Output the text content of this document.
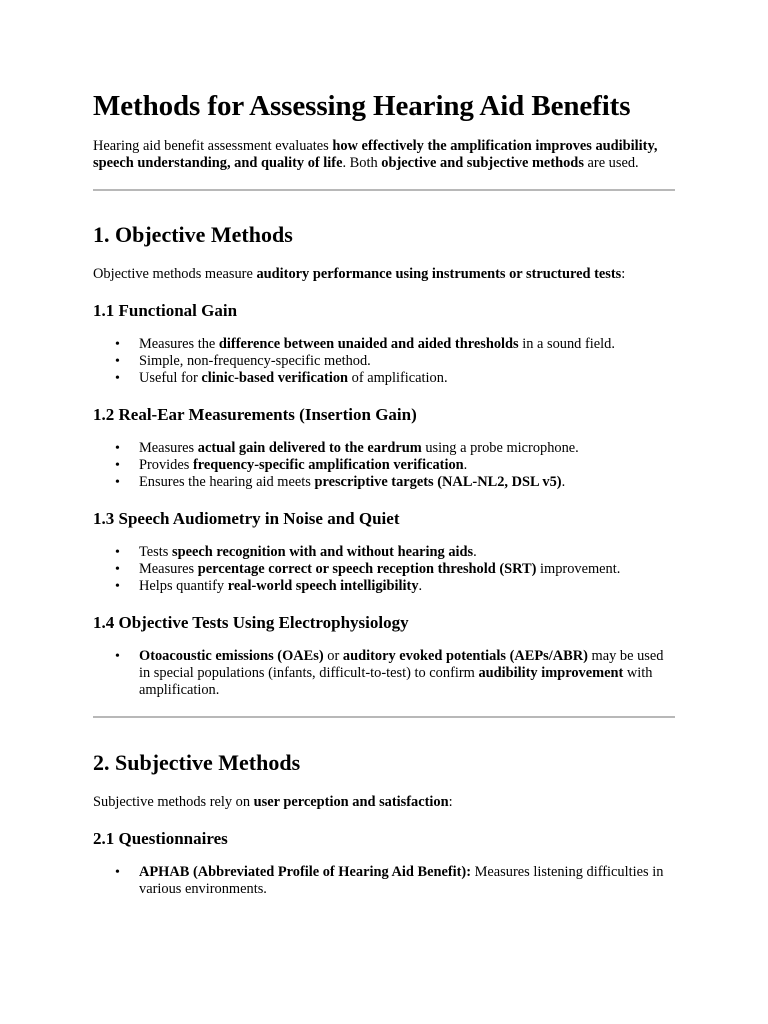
Methods for Assessing Hearing Aid Benefits

Hearing aid benefit assessment evaluates how effectively the amplification improves audibility, speech understanding, and quality of life. Both objective and subjective methods are used.

1. Objective Methods

Objective methods measure auditory performance using instruments or structured tests:

1.1 Functional Gain
• Measures the difference between unaided and aided thresholds in a sound field.
• Simple, non-frequency-specific method.
• Useful for clinic-based verification of amplification.
1.2 Real-Ear Measurements (Insertion Gain)
• Measures actual gain delivered to the eardrum using a probe microphone.
• Provides frequency-specific amplification verification.
• Ensures the hearing aid meets prescriptive targets (NAL-NL2, DSL v5).
1.3 Speech Audiometry in Noise and Quiet
• Tests speech recognition with and without hearing aids.
• Measures percentage correct or speech reception threshold (SRT) improvement.
• Helps quantify real-world speech intelligibility.
1.4 Objective Tests Using Electrophysiology
• Otoacoustic emissions (OAEs) or auditory evoked potentials (AEPs/ABR) may be used in special populations (infants, difficult-to-test) to confirm audibility improvement with amplification.
2. Subjective Methods

Subjective methods rely on user perception and satisfaction:

2.1 Questionnaires
• APHAB (Abbreviated Profile of Hearing Aid Benefit): Measures listening difficulties in various environments.
